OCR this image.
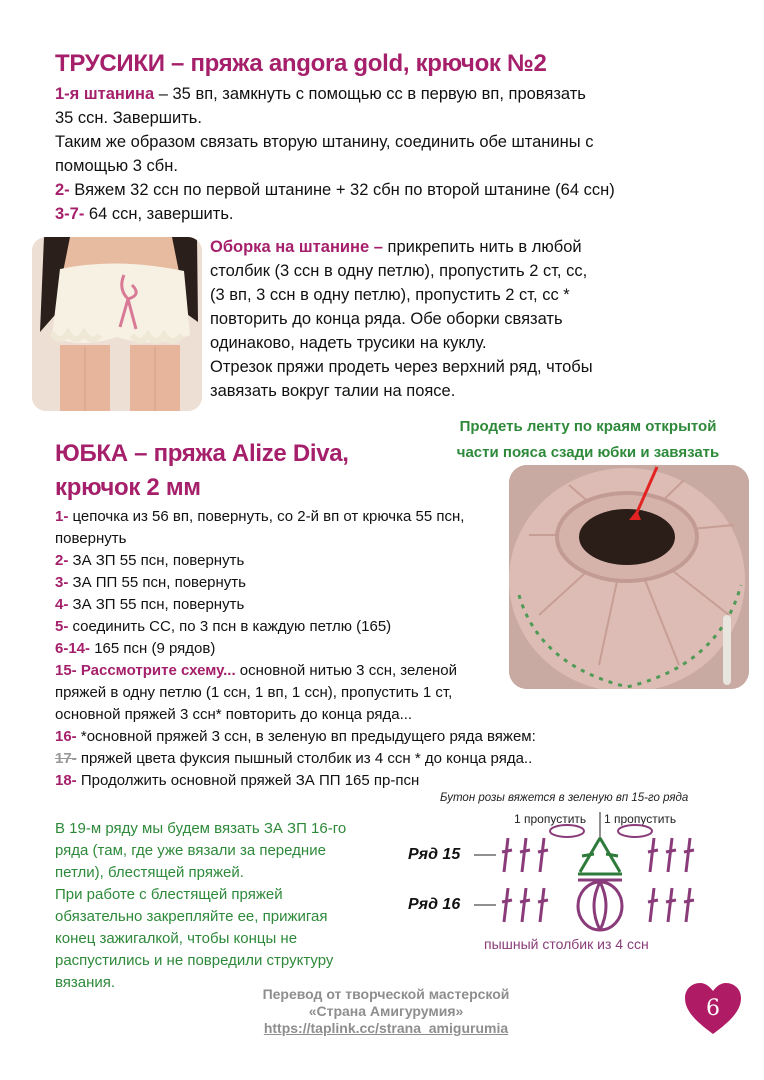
ТРУСИКИ – пряжа angora gold, крючок №2
1-я штанина – 35 вп, замкнуть с помощью сс в первую вп, провязать
35 ссн. Завершить.
Таким же образом связать вторую штанину, соединить обе штанины с
помощью 3 сбн.
2- Вяжем 32 ссн по первой штанине + 32 сбн по второй штанине (64 ссн)
3-7- 64 ссн, завершить.
Оборка на штанине – прикрепить нить в любой
столбик (3 ссн в одну петлю), пропустить 2 ст, сс,
(3 вп, 3 ссн в одну петлю), пропустить 2 ст, сс *
повторить до конца ряда. Обе оборки связать
одинаково, надеть трусики на куклу.
Отрезок пряжи продеть через верхний ряд, чтобы
завязать вокруг талии на поясе.
ЮБКА – пряжа Alize Diva,
крючок 2 мм
Продеть ленту по краям открытой
части пояса сзади юбки и завязать
1- цепочка из 56 вп, повернуть, со 2-й вп от крючка 55 псн,
повернуть
2- ЗА ЗП 55 псн, повернуть
3- ЗА ПП 55 псн, повернуть
4- ЗА ЗП 55 псн, повернуть
5- соединить СС, по 3 псн в каждую петлю (165)
6-14- 165 псн (9 рядов)
15- Рассмотрите схему... основной нитью 3 ссн, зеленой
пряжей в одну петлю (1 ссн, 1 вп, 1 ссн), пропустить 1 ст,
основной пряжей 3 ссн* повторить до конца ряда...
16- *основной пряжей 3 ссн, в зеленую вп предыдущего ряда вяжем:
17- пряжей цвета фуксия пышный столбик из 4 ссн * до конца ряда..
18- Продолжить основной пряжей ЗА ПП 165 пр-псн
В 19-м ряду мы будем вязать ЗА ЗП 16-го
ряда (там, где уже вязали за передние
петли), блестящей пряжей.
При работе с блестящей пряжей
обязательно закрепляйте ее, прижигая
конец зажигалкой, чтобы концы не
распустились и не повредили структуру
вязания.
Бутон розы вяжется в зеленую вп 15-го ряда
1 пропустить 1 пропустить
Ряд 15
Ряд 16
пышный столбик из 4 ссн
Перевод от творческой мастерской
«Страна Амигурумия»
https://taplink.cc/strana_amigurumia
6
